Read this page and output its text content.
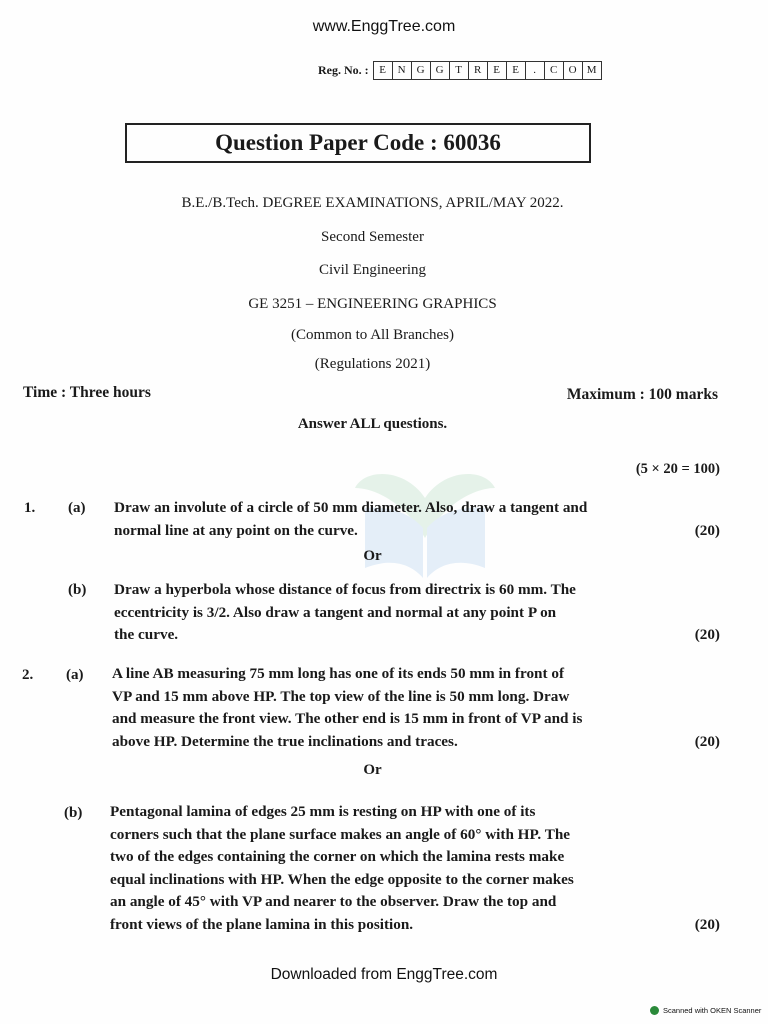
www.EnggTree.com
Reg. No. : E	N	G	G	T	R	E	E	.	C	O M
Question Paper Code : 60036
B.E./B.Tech. DEGREE EXAMINATIONS, APRIL/MAY 2022.
Second Semester
Civil Engineering
GE 3251 – ENGINEERING GRAPHICS
(Common to All Branches)
(Regulations 2021)
Time : Three hours	Maximum : 100 marks
Answer ALL questions.
(5 × 20 = 100)
1. (a) Draw an involute of a circle of 50 mm diameter. Also, draw a tangent and
normal line at any point on the curve.	(20)
Or
(b) Draw a hyperbola whose distance of focus from directrix is 60 mm. The
eccentricity is 3/2. Also draw a tangent and normal at any point P on
the curve.	(20)
2. (a) A line AB measuring 75 mm long has one of its ends 50 mm in front of
VP and 15 mm above HP. The top view of the line is 50 mm long. Draw
and measure the front view. The other end is 15 mm in front of VP and is
above HP. Determine the true inclinations and traces.	(20)
Or
(b) Pentagonal lamina of edges 25 mm is resting on HP with one of its
corners such that the plane surface makes an angle of 60° with HP. The
two of the edges containing the corner on which the lamina rests make
equal inclinations with HP. When the edge opposite to the corner makes
an angle of 45° with VP and nearer to the observer. Draw the top and
front views of the plane lamina in this position.	(20)
Downloaded from EnggTree.com
Scanned with OKEN Scanner
